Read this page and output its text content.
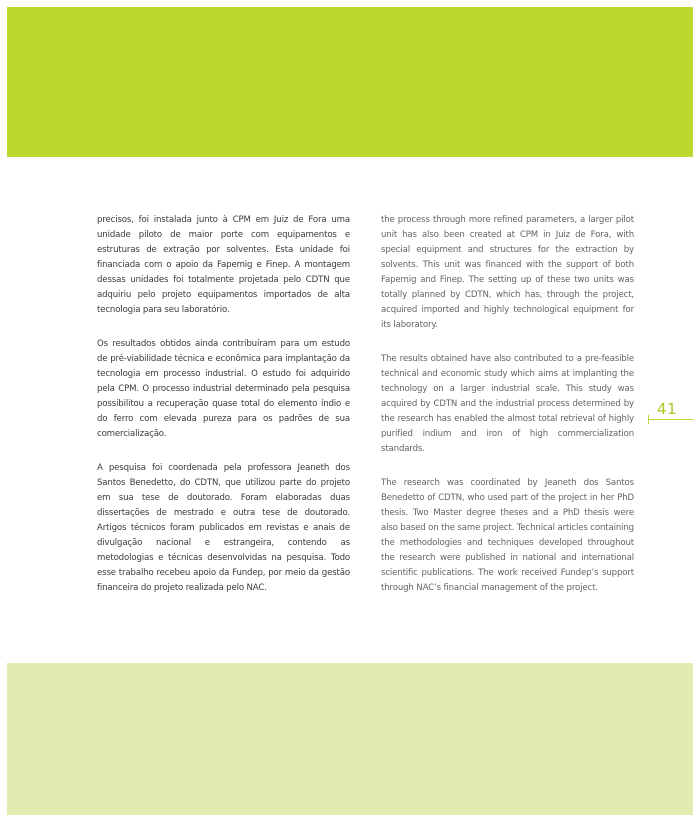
precisos, foi instalada junto à CPM em Juiz de Fora uma unidade piloto de maior porte com equipamentos e estruturas de extração por solventes. Esta unidade foi financiada com o apoio da Fapemig e Finep. A montagem dessas unidades foi totalmente projetada pelo CDTN que adquiriu pelo projeto equipamentos importados de alta tecnologia para seu laboratório.

Os resultados obtidos ainda contribuíram para um estudo de pré-viabilidade técnica e econômica para implantação da tecnologia em processo industrial. O estudo foi adquirido pela CPM. O processo industrial determinado pela pesquisa possibilitou a recuperação quase total do elemento índio e do ferro com elevada pureza para os padrões de sua comercialização.

A pesquisa foi coordenada pela professora Jeaneth dos Santos Benedetto, do CDTN, que utilizou parte do projeto em sua tese de doutorado. Foram elaboradas duas dissertações de mestrado e outra tese de doutorado. Artigos técnicos foram publicados em revistas e anais de divulgação nacional e estrangeira, contendo as metodologias e técnicas desenvolvidas na pesquisa. Todo esse trabalho recebeu apoio da Fundep, por meio da gestão financeira do projeto realizada pelo NAC.

the process through more refined parameters, a larger pilot unit has also been created at CPM in Juiz de Fora, with special equipment and structures for the extraction by solvents. This unit was financed with the support of both Fapemig and Finep. The setting up of these two units was totally planned by CDTN, which has, through the project, acquired imported and highly technological equipment for its laboratory.

The results obtained have also contributed to a pre-feasible technical and economic study which aims at implanting the technology on a larger industrial scale. This study was acquired by CDTN and the industrial process determined by the research has enabled the almost total retrieval of highly purified indium and iron of high commercialization standards.

The research was coordinated by Jeaneth dos Santos Benedetto of CDTN, who used part of the project in her PhD thesis. Two Master degree theses and a PhD thesis were also based on the same project. Technical articles containing the methodologies and techniques developed throughout the research were published in national and international scientific publications. The work received Fundep’s support through NAC’s financial management of the project.

41
